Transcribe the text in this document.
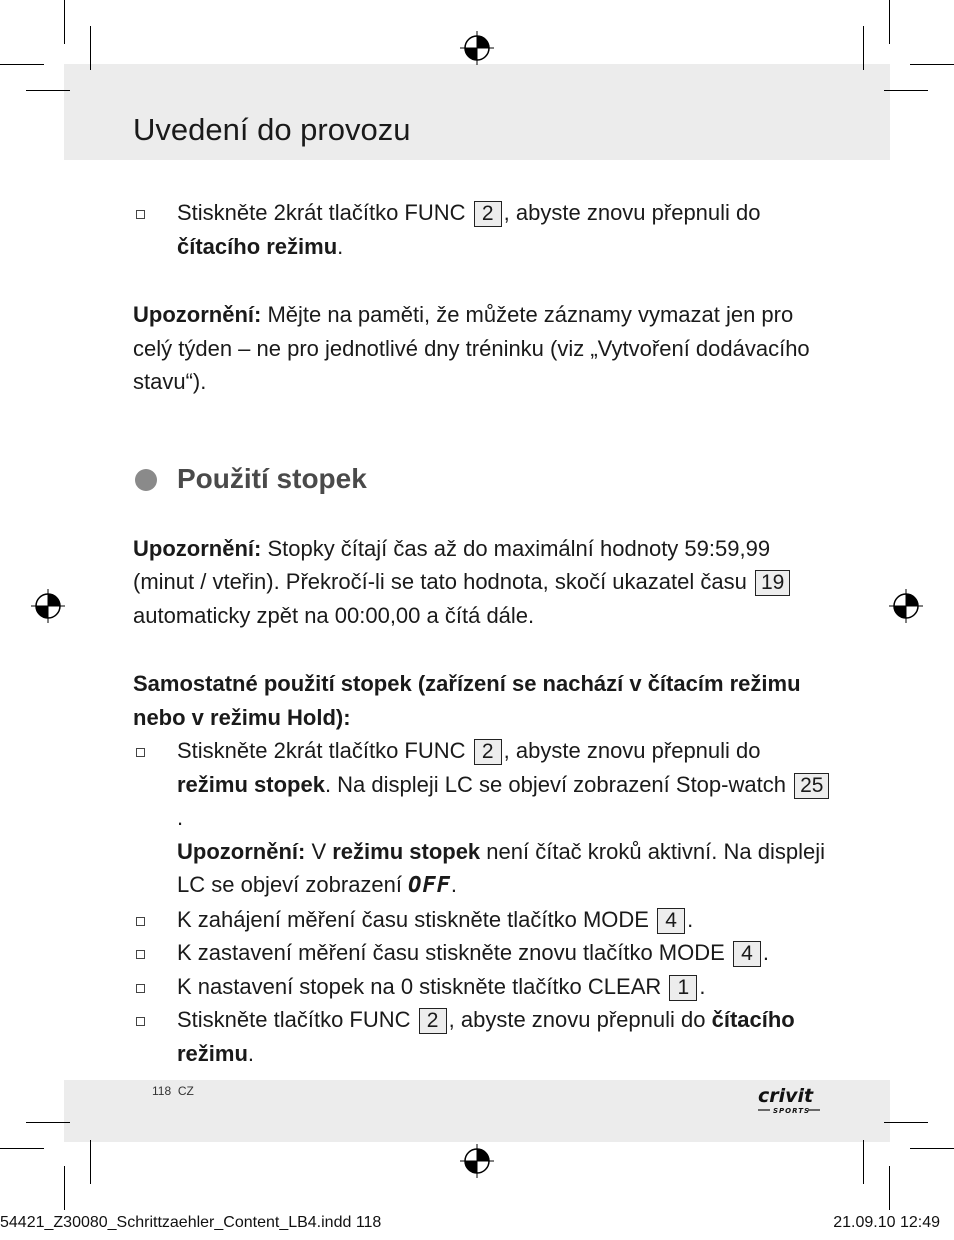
Uvedení do provozu

Stiskněte 2krát tlačítko FUNC 2 , abyste znovu přepnuli do čítacího režimu.

Upozornění: Mějte na paměti, že můžete záznamy vymazat jen pro celý týden – ne pro jednotlivé dny tréninku (viz „Vytvoření dodávacího stavu“).

Použití stopek

Upozornění: Stopky čítají čas až do maximální hodnoty 59:59,99 (minut / vteřin). Překročí-li se tato hodnota, skočí ukazatel času 19 automaticky zpět na 00:00,00 a čítá dále.

Samostatné použití stopek (zařízení se nachází v čítacím režimu nebo v režimu Hold):

Stiskněte 2krát tlačítko FUNC 2 , abyste znovu přepnuli do režimu stopek. Na displeji LC se objeví zobrazení Stop-watch 25.
Upozornění: V režimu stopek není čítač kroků aktivní. Na displeji LC se objeví zobrazení OFF.

K zahájení měření času stiskněte tlačítko MODE 4 .

K zastavení měření času stiskněte znovu tlačítko MODE 4 .

K nastavení stopek na 0 stiskněte tlačítko CLEAR 1 .

Stiskněte tlačítko FUNC 2 , abyste znovu přepnuli do čítacího režimu.

118 CZ	crivit
SPORTS
54421_Z30080_Schrittzaehler_Content_LB4.indd 118	21.09.10 12:49
